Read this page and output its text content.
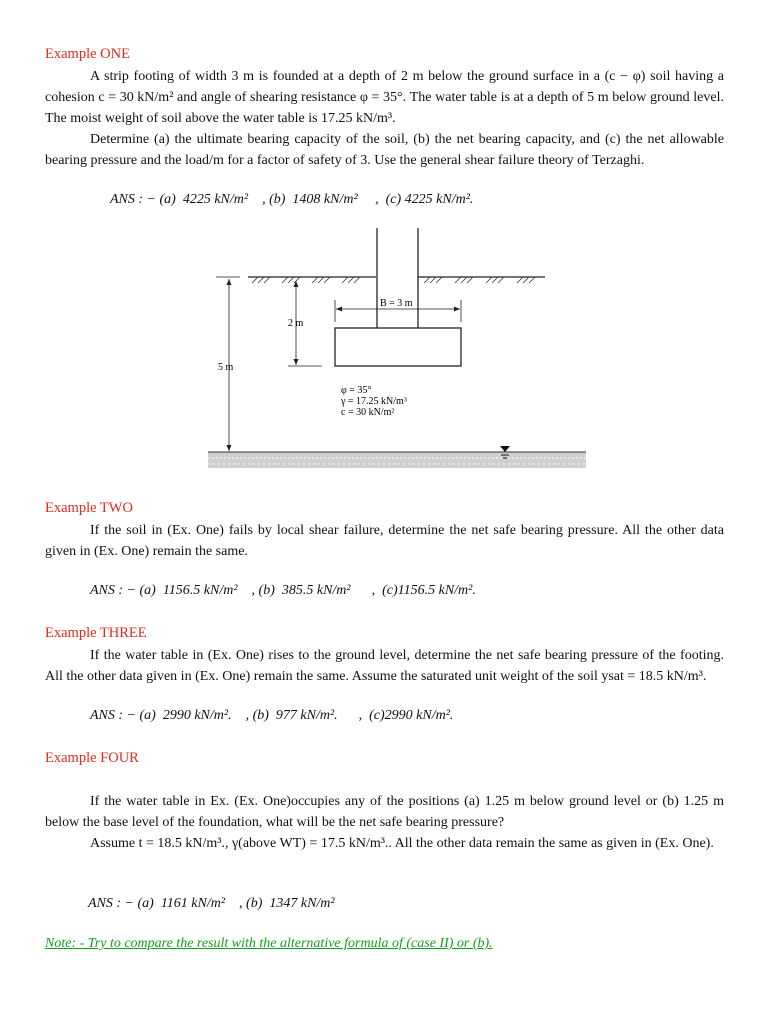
Example ONE

A strip footing of width 3 m is founded at a depth of 2 m below the ground surface in a (c − φ) soil having a cohesion c = 30 kN/m² and angle of shearing resistance φ = 35°. The water table is at a depth of 5 m below ground level. The moist weight of soil above the water table is 17.25 kN/m³.

Determine (a) the ultimate bearing capacity of the soil, (b) the net bearing capacity, and (c) the net allowable bearing pressure and the load/m for a factor of safety of 3. Use the general shear failure theory of Terzaghi.

ANS : − (a)  4225 kN/m²    , (b)  1408 kN/m²     ,  (c) 4225 kN/m².
B = 3 m
2 m
5 m
φ = 35°
γ = 17.25 kN/m³
c = 30 kN/m²
Example TWO

If the soil in (Ex. One) fails by local shear failure, determine the net safe bearing pressure. All the other data given in (Ex. One) remain the same.

ANS : − (a)  1156.5 kN/m²    , (b)  385.5 kN/m²      ,  (c)1156.5 kN/m².
Example THREE

If the water table in (Ex. One) rises to the ground level, determine the net safe bearing pressure of the footing. All the other data given in (Ex. One) remain the same. Assume the saturated unit weight of the soil ysat = 18.5 kN/m³.

ANS : − (a)  2990 kN/m².    , (b)  977 kN/m².      ,  (c)2990 kN/m².
Example FOUR

If the water table in Ex. (Ex. One)occupies any of the positions (a) 1.25 m below ground level or (b) 1.25 m below the base level of the foundation, what will be the net safe bearing pressure?

Assume t = 18.5 kN/m³., γ(above WT) = 17.5 kN/m³.. All the other data remain the same as given in (Ex. One).

ANS : − (a)  1161 kN/m²    , (b)  1347 kN/m²
Note: - Try to compare the result with the alternative formula of (case II) or (b).
